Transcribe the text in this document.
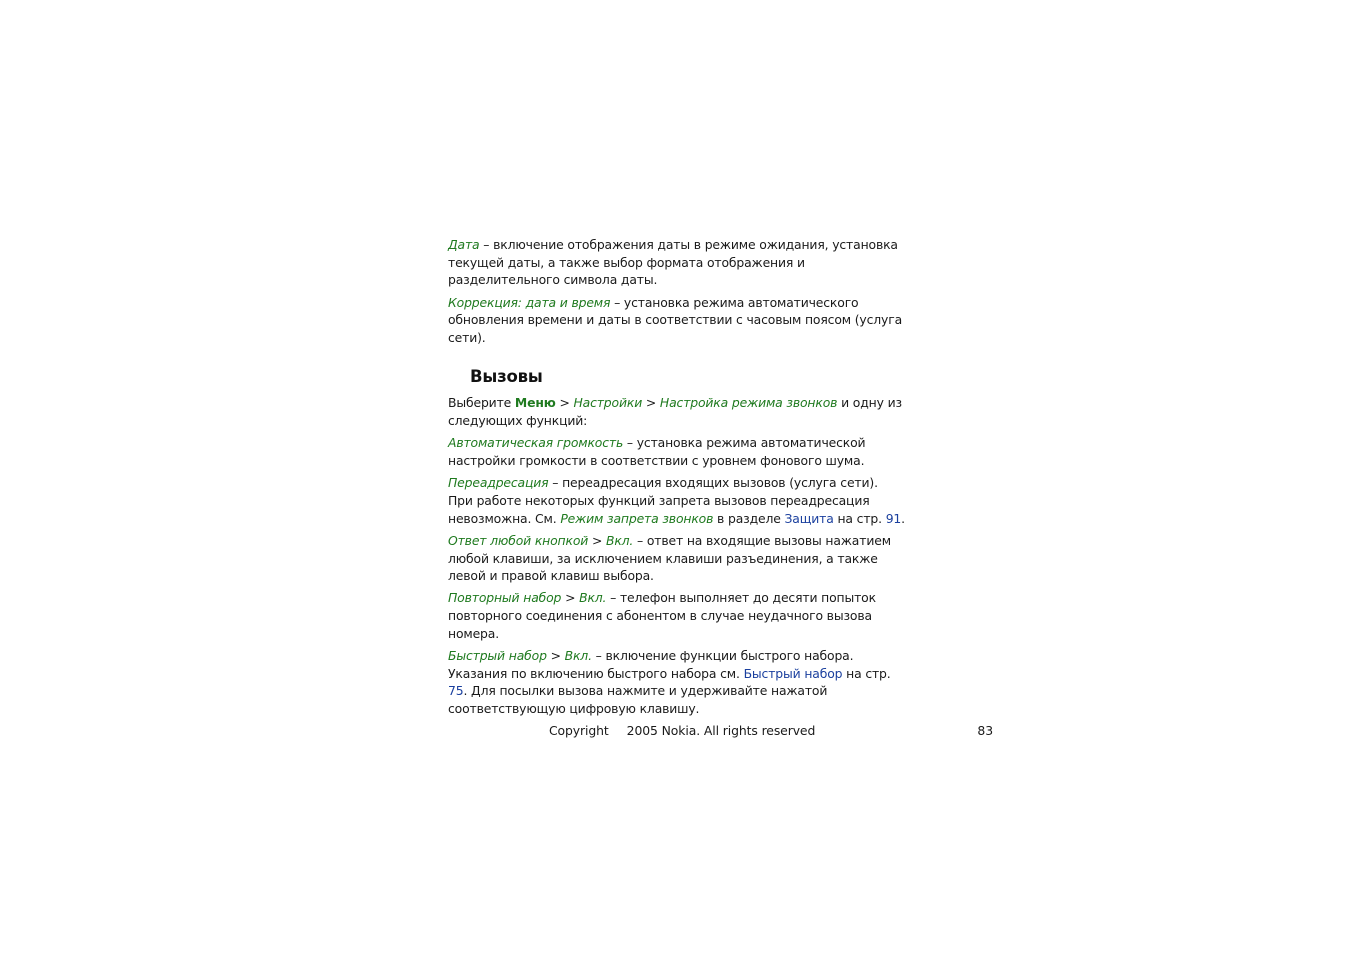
Дата – включение отображения даты в режиме ожидания, установка текущей даты, а также выбор формата отображения и разделительного символа даты.

Коррекция: дата и время – установка режима автоматического обновления времени и даты в соответствии с часовым поясом (услуга сети).

Вызовы

Выберите Меню > Настройки > Настройка режима звонков и одну из следующих функций:

Автоматическая громкость – установка режима автоматической настройки громкости в соответствии с уровнем фонового шума.

Переадресация – переадресация входящих вызовов (услуга сети). При работе некоторых функций запрета вызовов переадресация невозможна. См. Режим запрета звонков в разделе Защита на стр. 91.

Ответ любой кнопкой > Вкл. – ответ на входящие вызовы нажатием любой клавиши, за исключением клавиши разъединения, а также левой и правой клавиш выбора.

Повторный набор > Вкл. – телефон выполняет до десяти попыток повторного соединения с абонентом в случае неудачного вызова номера.

Быстрый набор > Вкл. – включение функции быстрого набора. Указания по включению быстрого набора см. Быстрый набор на стр. 75. Для посылки вызова нажмите и удерживайте нажатой соответствующую цифровую клавишу.

Copyright 2005 Nokia. All rights reserved	83
